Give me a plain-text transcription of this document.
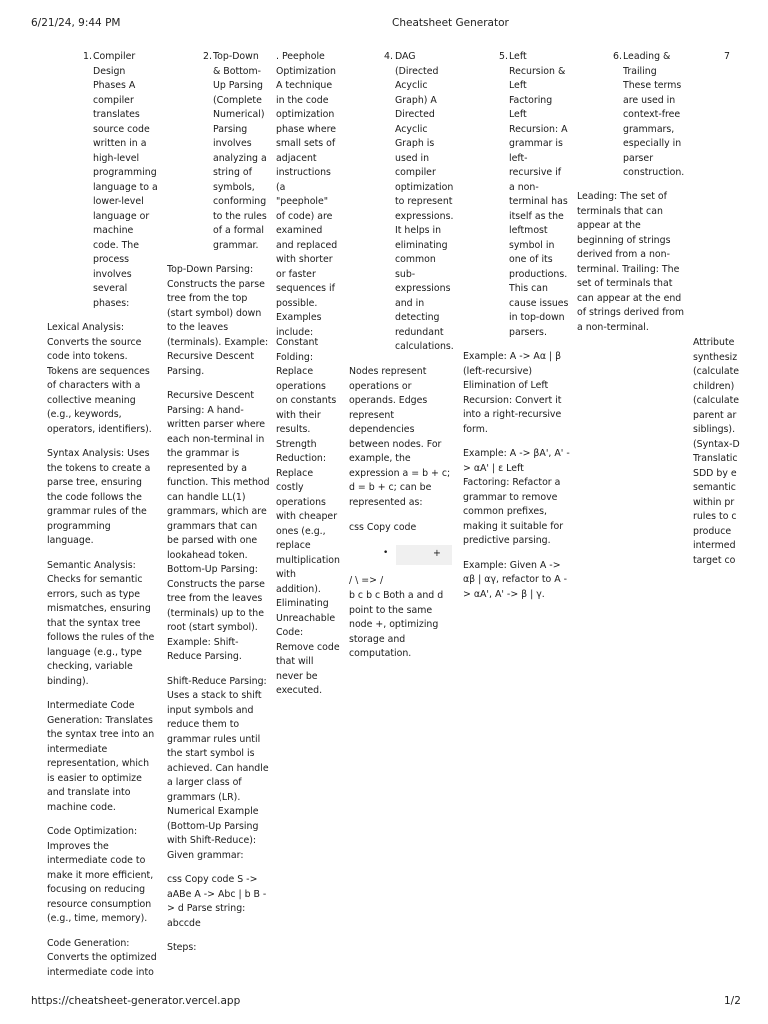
6/21/24, 9:44 PM	Cheatsheet Generator
https://cheatsheet-generator.vercel.app	1/2
1. Compiler Design Phases A compiler translates source code written in a high-level programming language to a lower-level language or machine code. The process involves several phases:

Lexical Analysis: Converts the source code into tokens. Tokens are sequences of characters with a collective meaning (e.g., keywords, operators, identifiers).

Syntax Analysis: Uses the tokens to create a parse tree, ensuring the code follows the grammar rules of the programming language.

Semantic Analysis: Checks for semantic errors, such as type mismatches, ensuring that the syntax tree follows the rules of the language (e.g., type checking, variable binding).

Intermediate Code Generation: Translates the syntax tree into an intermediate representation, which is easier to optimize and translate into machine code.

Code Optimization: Improves the intermediate code to make it more efficient, focusing on reducing resource consumption (e.g., time, memory).

Code Generation: Converts the optimized intermediate code into

2. Top-Down & Bottom-Up Parsing (Complete Numerical) Parsing involves analyzing a string of symbols, conforming to the rules of a formal grammar.

Top-Down Parsing: Constructs the parse tree from the top (start symbol) down to the leaves (terminals). Example: Recursive Descent Parsing.

Recursive Descent Parsing: A hand-written parser where each non-terminal in the grammar is represented by a function. This method can handle LL(1) grammars, which are grammars that can be parsed with one lookahead token. Bottom-Up Parsing: Constructs the parse tree from the leaves (terminals) up to the root (start symbol). Example: Shift-Reduce Parsing.

Shift-Reduce Parsing: Uses a stack to shift input symbols and reduce them to grammar rules until the start symbol is achieved. Can handle a larger class of grammars (LR). Numerical Example (Bottom-Up Parsing with Shift-Reduce): Given grammar:

css Copy code S -> aABe A -> Abc | b B -> d Parse string: abccde

Steps:

. Peephole Optimization A technique in the code optimization phase where small sets of adjacent instructions (a "peephole" of code) are examined and replaced with shorter or faster sequences if possible. Examples include:
Constant Folding: Replace operations on constants with their results. Strength Reduction: Replace costly operations with cheaper ones (e.g., replace multiplication with addition). Eliminating Unreachable Code: Remove code that will never be executed.
4. DAG (Directed Acyclic Graph) A Directed Acyclic Graph is used in compiler optimization to represent expressions. It helps in eliminating common sub-expressions and in detecting redundant calculations.
Nodes represent operations or operands. Edges represent dependencies between nodes. For example, the expression a = b + c; d = b + c; can be represented as:
css Copy code
•	+
/ \ => /
b c b c Both a and d point to the same node +, optimizing storage and computation.
5. Left Recursion & Left Factoring Left Recursion: A grammar is left-recursive if a non-terminal has itself as the leftmost symbol in one of its productions. This can cause issues in top-down parsers.

Example: A -> Aα | β (left-recursive) Elimination of Left Recursion: Convert it into a right-recursive form.

Example: A -> βA', A' -> αA' | ε Left Factoring: Refactor a grammar to remove common prefixes, making it suitable for predictive parsing.

Example: Given A -> αβ | αγ, refactor to A -> αA', A' -> β | γ.

6. Leading & Trailing These terms are used in context-free grammars, especially in parser construction.
Leading: The set of terminals that can appear at the beginning of strings derived from a non-terminal. Trailing: The set of terminals that can appear at the end of strings derived from a non-terminal.
7
Attribute
synthesiz
(calculate
children)
(calculate
parent ar
siblings).
(Syntax-D
Translatic
SDD by e
semantic
within pr
rules to c
produce
intermed
target co
